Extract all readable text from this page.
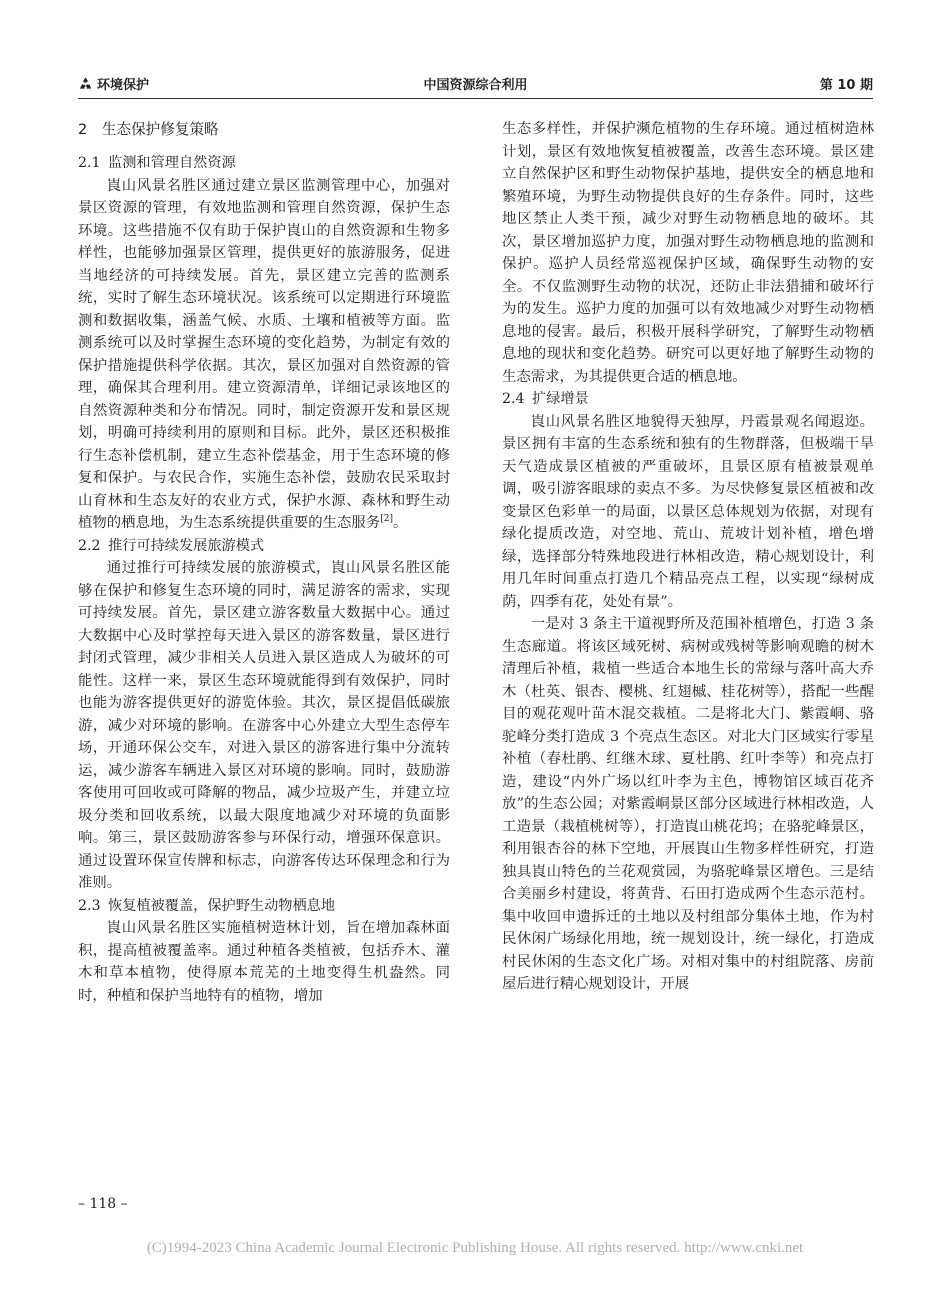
环境保护	中国资源综合利用	第 10 期
2　生态保护修复策略
2.1 监测和管理自然资源

崀山风景名胜区通过建立景区监测管理中心，加强对景区资源的管理，有效地监测和管理自然资源，保护生态环境。这些措施不仅有助于保护崀山的自然资源和生物多样性，也能够加强景区管理，提供更好的旅游服务，促进当地经济的可持续发展。首先，景区建立完善的监测系统，实时了解生态环境状况。该系统可以定期进行环境监测和数据收集，涵盖气候、水质、土壤和植被等方面。监测系统可以及时掌握生态环境的变化趋势，为制定有效的保护措施提供科学依据。其次，景区加强对自然资源的管理，确保其合理利用。建立资源清单，详细记录该地区的自然资源种类和分布情况。同时，制定资源开发和景区规划，明确可持续利用的原则和目标。此外，景区还积极推行生态补偿机制，建立生态补偿基金，用于生态环境的修复和保护。与农民合作，实施生态补偿，鼓励农民采取封山育林和生态友好的农业方式，保护水源、森林和野生动植物的栖息地，为生态系统提供重要的生态服务[2]。

2.2 推行可持续发展旅游模式

通过推行可持续发展的旅游模式，崀山风景名胜区能够在保护和修复生态环境的同时，满足游客的需求，实现可持续发展。首先，景区建立游客数量大数据中心。通过大数据中心及时掌控每天进入景区的游客数量，景区进行封闭式管理，减少非相关人员进入景区造成人为破坏的可能性。这样一来，景区生态环境就能得到有效保护，同时也能为游客提供更好的游览体验。其次，景区提倡低碳旅游，减少对环境的影响。在游客中心外建立大型生态停车场，开通环保公交车，对进入景区的游客进行集中分流转运，减少游客车辆进入景区对环境的影响。同时，鼓励游客使用可回收或可降解的物品，减少垃圾产生，并建立垃圾分类和回收系统，以最大限度地减少对环境的负面影响。第三，景区鼓励游客参与环保行动，增强环保意识。通过设置环保宣传牌和标志，向游客传达环保理念和行为准则。

2.3 恢复植被覆盖，保护野生动物栖息地

崀山风景名胜区实施植树造林计划，旨在增加森林面积，提高植被覆盖率。通过种植各类植被，包括乔木、灌木和草本植物，使得原本荒芜的土地变得生机盎然。同时，种植和保护当地特有的植物，增加

生态多样性，并保护濒危植物的生存环境。通过植树造林计划，景区有效地恢复植被覆盖，改善生态环境。景区建立自然保护区和野生动物保护基地，提供安全的栖息地和繁殖环境，为野生动物提供良好的生存条件。同时，这些地区禁止人类干预，减少对野生动物栖息地的破坏。其次，景区增加巡护力度，加强对野生动物栖息地的监测和保护。巡护人员经常巡视保护区域，确保野生动物的安全。不仅监测野生动物的状况，还防止非法猎捕和破坏行为的发生。巡护力度的加强可以有效地减少对野生动物栖息地的侵害。最后，积极开展科学研究，了解野生动物栖息地的现状和变化趋势。研究可以更好地了解野生动物的生态需求，为其提供更合适的栖息地。

2.4 扩绿增景

崀山风景名胜区地貌得天独厚，丹霞景观名闻遐迩。景区拥有丰富的生态系统和独有的生物群落，但极端干旱天气造成景区植被的严重破坏，且景区原有植被景观单调，吸引游客眼球的卖点不多。为尽快修复景区植被和改变景区色彩单一的局面，以景区总体规划为依据，对现有绿化提质改造，对空地、荒山、荒坡计划补植，增色增绿，选择部分特殊地段进行林相改造，精心规划设计，利用几年时间重点打造几个精品亮点工程，以实现“绿树成荫，四季有花，处处有景”。

一是对 3 条主干道视野所及范围补植增色，打造 3 条生态廊道。将该区域死树、病树或残树等影响观瞻的树木清理后补植，栽植一些适合本地生长的常绿与落叶高大乔木（杜英、银杏、樱桃、红翅槭、桂花树等），搭配一些醒目的观花观叶苗木混交栽植。二是将北大门、紫霞峒、骆驼峰分类打造成 3 个亮点生态区。对北大门区域实行零星补植（春杜鹃、红继木球、夏杜鹃、红叶李等）和亮点打造，建设“内外广场以红叶李为主色，博物馆区域百花齐放”的生态公园；对紫霞峒景区部分区域进行林相改造，人工造景（栽植桃树等），打造崀山桃花坞；在骆驼峰景区，利用银杏谷的林下空地，开展崀山生物多样性研究，打造独具崀山特色的兰花观赏园，为骆驼峰景区增色。三是结合美丽乡村建设，将黄背、石田打造成两个生态示范村。集中收回申遗拆迁的土地以及村组部分集体土地，作为村民休闲广场绿化用地，统一规划设计，统一绿化，打造成村民休闲的生态文化广场。对相对集中的村组院落、房前屋后进行精心规划设计，开展

– 118 –
(C)1994-2023 China Academic Journal Electronic Publishing House. All rights reserved. http://www.cnki.net
